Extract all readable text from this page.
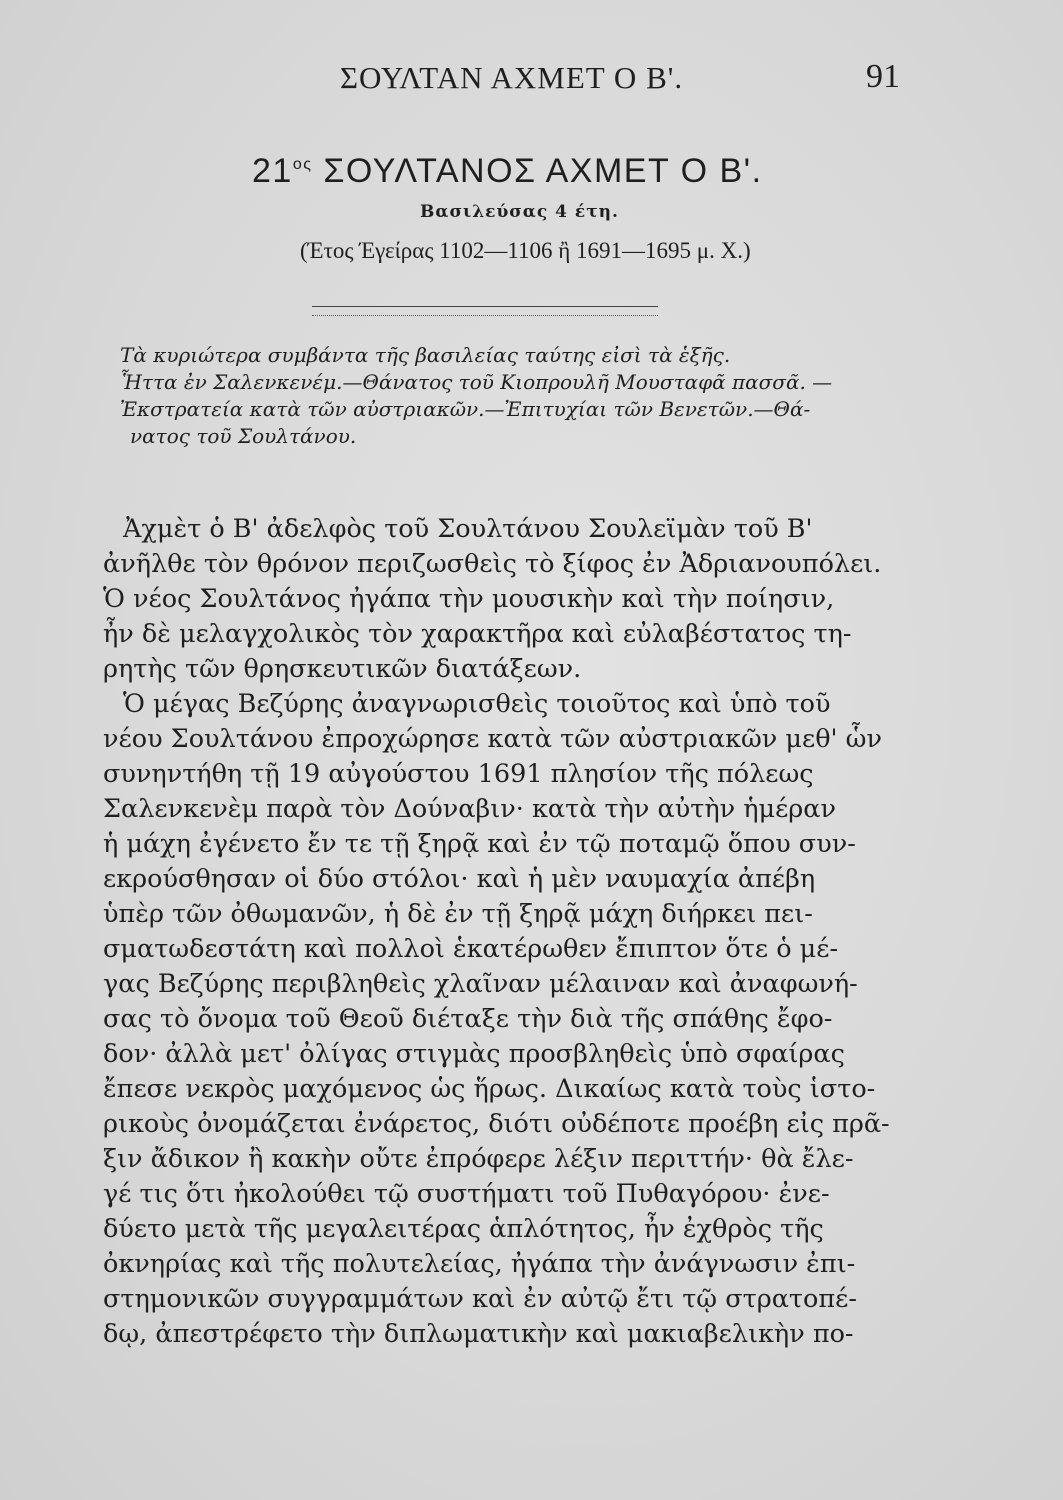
ΣΟΥΛΤΑΝ ΑΧΜΕΤ Ο Β'.	91
$21^{o\varsigma}$ ΣΟΥΛΤΑΝΟΣ ΑΧΜΕΤ Ο Β'.
Βασιλεύσας 4 έτη.
(Έτος Έγείρας 1102—1106 ἢ 1691—1695 μ. Χ.)
Τὰ κυριώτερα συμβάντα τῆς βασιλείας ταύτης εἰσὶ τὰ ἑξῆς.
Ἧττα ἐν Σαλενκενέμ.—Θάνατος τοῦ Κιοπρουλῆ Μουσταφᾶ πασσᾶ. —
Ἐκστρατεία κατὰ τῶν αὐστριακῶν.—Ἐπιτυχίαι τῶν Βενετῶν.—Θά-
νατος τοῦ Σουλτάνου.
Ἀχμὲτ ὁ Β' ἀδελφὸς τοῦ Σουλτάνου Σουλεϊμὰν τοῦ Β'
ἀνῆλθε τὸν θρόνον περιζωσθεὶς τὸ ξίφος ἐν Ἀδριανουπόλει.
Ὁ νέος Σουλτάνος ἠγάπα τὴν μουσικὴν καὶ τὴν ποίησιν,
ἦν δὲ μελαγχολικὸς τὸν χαρακτῆρα καὶ εὐλαβέστατος τη-
ρητὴς τῶν θρησκευτικῶν διατάξεων.
Ὁ μέγας Βεζύρης ἀναγνωρισθεὶς τοιοῦτος καὶ ὑπὸ τοῦ
νέου Σουλτάνου ἐπροχώρησε κατὰ τῶν αὐστριακῶν μεθ' ὧν
συνηντήθη τῇ 19 αὐγούστου 1691 πλησίον τῆς πόλεως
Σαλενκενὲμ παρὰ τὸν Δούναβιν· κατὰ τὴν αὐτὴν ἡμέραν
ἡ μάχη ἐγένετο ἔν τε τῇ ξηρᾷ καὶ ἐν τῷ ποταμῷ ὅπου συν-
εκρούσθησαν οἱ δύο στόλοι· καὶ ἡ μὲν ναυμαχία ἀπέβη
ὑπὲρ τῶν ὀθωμανῶν, ἡ δὲ ἐν τῇ ξηρᾷ μάχη διήρκει πει-
σματωδεστάτη καὶ πολλοὶ ἑκατέρωθεν ἔπιπτον ὅτε ὁ μέ-
γας Βεζύρης περιβληθεὶς χλαῖναν μέλαιναν καὶ ἀναφωνή-
σας τὸ ὄνομα τοῦ Θεοῦ διέταξε τὴν διὰ τῆς σπάθης ἔφο-
δον· ἀλλὰ μετ' ὀλίγας στιγμὰς προσβληθεὶς ὑπὸ σφαίρας
ἔπεσε νεκρὸς μαχόμενος ὡς ἥρως. Δικαίως κατὰ τοὺς ἱστο-
ρικοὺς ὀνομάζεται ἐνάρετος, διότι οὐδέποτε προέβη εἰς πρᾶ-
ξιν ἄδικον ἢ κακὴν οὔτε ἐπρόφερε λέξιν περιττήν· θὰ ἔλε-
γέ τις ὅτι ἠκολούθει τῷ συστήματι τοῦ Πυθαγόρου· ἐνε-
δύετο μετὰ τῆς μεγαλειτέρας ἁπλότητος, ἦν ἐχθρὸς τῆς
ὀκνηρίας καὶ τῆς πολυτελείας, ἠγάπα τὴν ἀνάγνωσιν ἐπι-
στημονικῶν συγγραμμάτων καὶ ἐν αὐτῷ ἔτι τῷ στρατοπέ-
δῳ, ἀπεστρέφετο τὴν διπλωματικὴν καὶ μακιαβελικὴν πο-
